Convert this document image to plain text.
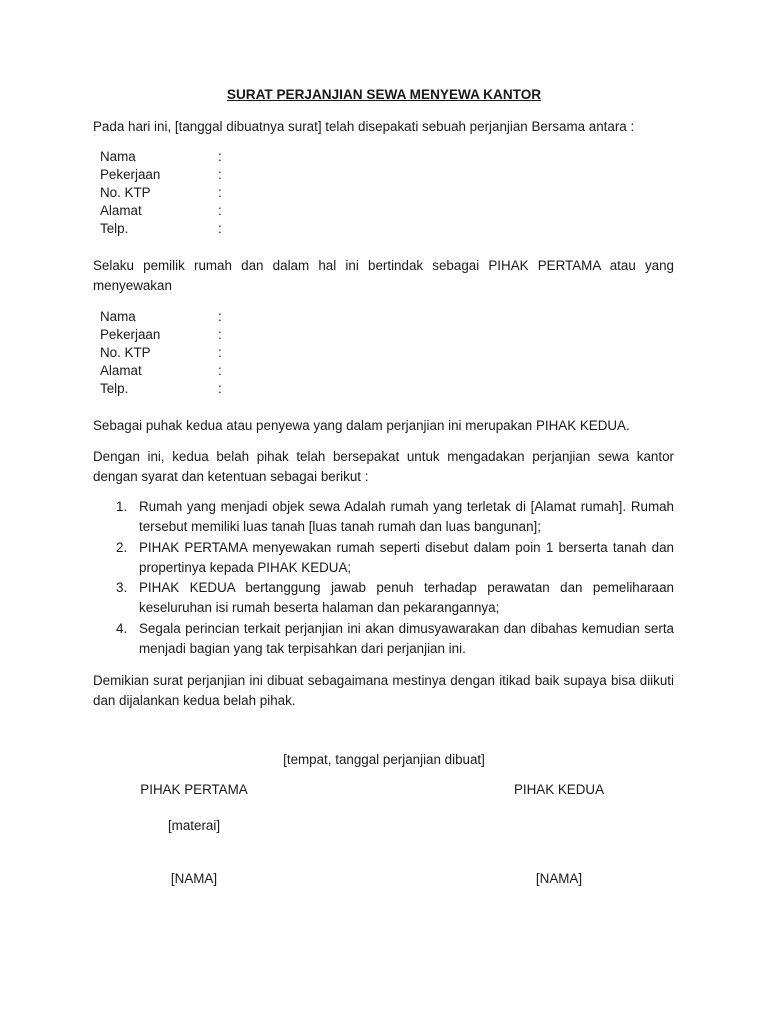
SURAT PERJANJIAN SEWA MENYEWA KANTOR

Pada hari ini, [tanggal dibuatnya surat] telah disepakati sebuah perjanjian Bersama antara :

Nama	:
Pekerjaan	:
No. KTP	:
Alamat	:
Telp.	:

Selaku pemilik rumah dan dalam hal ini bertindak sebagai PIHAK PERTAMA atau yang menyewakan

Nama	:
Pekerjaan	:
No. KTP	:
Alamat	:
Telp.	:

Sebagai puhak kedua atau penyewa yang dalam perjanjian ini merupakan PIHAK KEDUA.

Dengan ini, kedua belah pihak telah bersepakat untuk mengadakan perjanjian sewa kantor dengan syarat dan ketentuan sebagai berikut :

1. Rumah yang menjadi objek sewa Adalah rumah yang terletak di [Alamat rumah]. Rumah tersebut memiliki luas tanah [luas tanah rumah dan luas bangunan];
2. PIHAK PERTAMA menyewakan rumah seperti disebut dalam poin 1 berserta tanah dan propertinya kepada PIHAK KEDUA;
3. PIHAK KEDUA bertanggung jawab penuh terhadap perawatan dan pemeliharaan keseluruhan isi rumah beserta halaman dan pekarangannya;
4. Segala perincian terkait perjanjian ini akan dimusyawarakan dan dibahas kemudian serta menjadi bagian yang tak terpisahkan dari perjanjian ini.

Demikian surat perjanjian ini dibuat sebagaimana mestinya dengan itikad baik supaya bisa diikuti dan dijalankan kedua belah pihak.

[tempat, tanggal perjanjian dibuat]
PIHAK PERTAMA	PIHAK KEDUA
[materai]
[NAMA]	[NAMA]
